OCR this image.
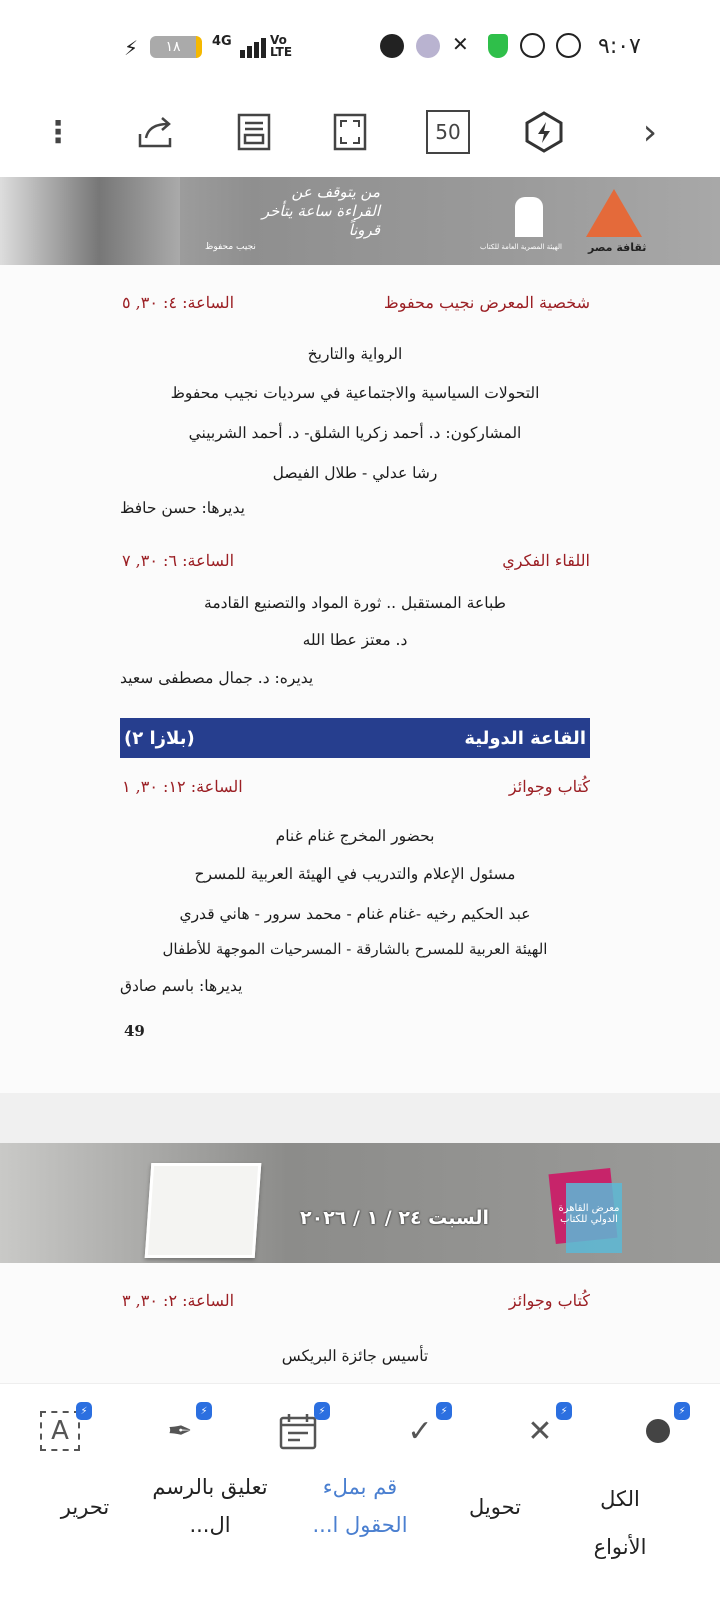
⚡	١٨	4G	Vo LTE	✕	٩:٠٧
⋮	50	›
من يتوقف عن القراءة ساعة يتأخر قروناً
نجيب محفوظ	الهيئة المصرية العامة للكتاب ثقافة مصر
شخصية المعرض نجيب محفوظ
الساعة: ٤: ٣٠, ٥
الرواية والتاريخ
التحولات السياسية والاجتماعية في سرديات نجيب محفوظ
المشاركون: د. أحمد زكريا الشلق- د. أحمد الشربيني
رشا عدلي - طلال الفيصل
يديرها: حسن حافظ
اللقاء الفكري
الساعة: ٦: ٣٠, ٧
طباعة المستقبل .. ثورة المواد والتصنيع القادمة
د. معتز عطا الله
يديره: د. جمال مصطفى سعيد
القاعة الدولية
(بلازا ٢)
كُتاب وجوائز
الساعة: ١٢: ٣٠, ١
بحضور المخرج غنام غنام
مسئول الإعلام والتدريب في الهيئة العربية للمسرح
عبد الحكيم رخيه -غنام غنام - محمد سرور - هاني قدري
الهيئة العربية للمسرح بالشارقة - المسرحيات الموجهة للأطفال
يديرها: باسم صادق
49
السبت ٢٤ / ١ / ٢٠٢٦	معرض القاهرة الدولي للكتاب
كُتاب وجوائز
الساعة: ٢: ٣٠, ٣
تأسيس جائزة البريكس
A
⚡
✒
⚡	⚡
✓
⚡
✕
⚡	⚡
تحرير
تعليق بالرسم ال...
قم بملء الحقول ا...
تحويل	الكل
الأنواع
